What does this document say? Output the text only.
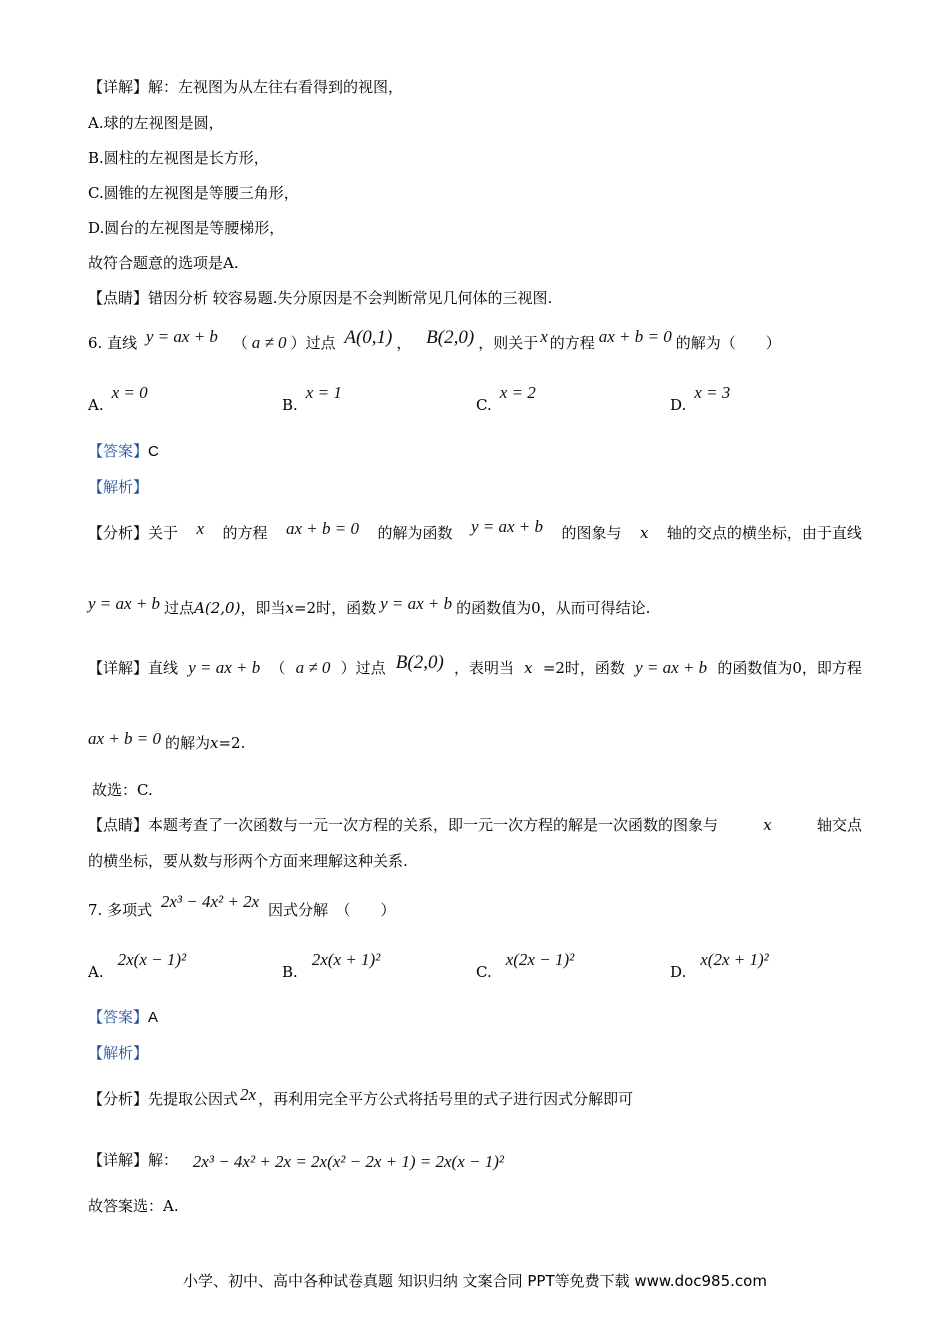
【详解】解：左视图为从左往右看得到的视图，
A.球的左视图是圆，
B.圆柱的左视图是长方形，
C.圆锥的左视图是等腰三角形，
D.圆台的左视图是等腰梯形，
故符合题意的选项是A.
【点睛】错因分析 较容易题.失分原因是不会判断常见几何体的三视图.
6. 直线 y = ax + b （ a ≠ 0 ）过点 A(0,1) ， B(2,0) ，则关于 x 的方程 ax + b = 0 的解为（　　）
A.x = 0
B.x = 1
C.x = 2
D.x = 3
【答案】C
【解析】
【分析】关于 x 的方程 ax + b = 0 的解为函数 y = ax + b 的图象与 x 轴的交点的横坐标，由于直线
y = ax + b 过点A(2,0)，即当x=2时，函数 y = ax + b 的函数值为0，从而可得结论.
【详解】直线 y = ax + b （ a ≠ 0 ）过点 B(2,0) ，表明当 x =2时，函数 y = ax + b 的函数值为0，即方程
ax + b = 0 的解为x=2.
故选：C.
【点睛】本题考查了一次函数与一元一次方程的关系，即一元一次方程的解是一次函数的图象与	x	轴交点
的横坐标，要从数与形两个方面来理解这种关系.
7. 多项式 2x³ − 4x² + 2x 因式分解　（　　）
A.2x(x − 1)²
B.2x(x + 1)²
C.x(2x − 1)²
D.x(2x + 1)²
【答案】A
【解析】
【分析】先提取公因式 2x ，再利用完全平方公式将括号里的式子进行因式分解即可
【详解】解： 2x³ − 4x² + 2x = 2x(x² − 2x + 1) = 2x(x − 1)²
故答案选：A.
小学、初中、高中各种试卷真题 知识归纳 文案合同 PPT等免费下载 www.doc985.com
